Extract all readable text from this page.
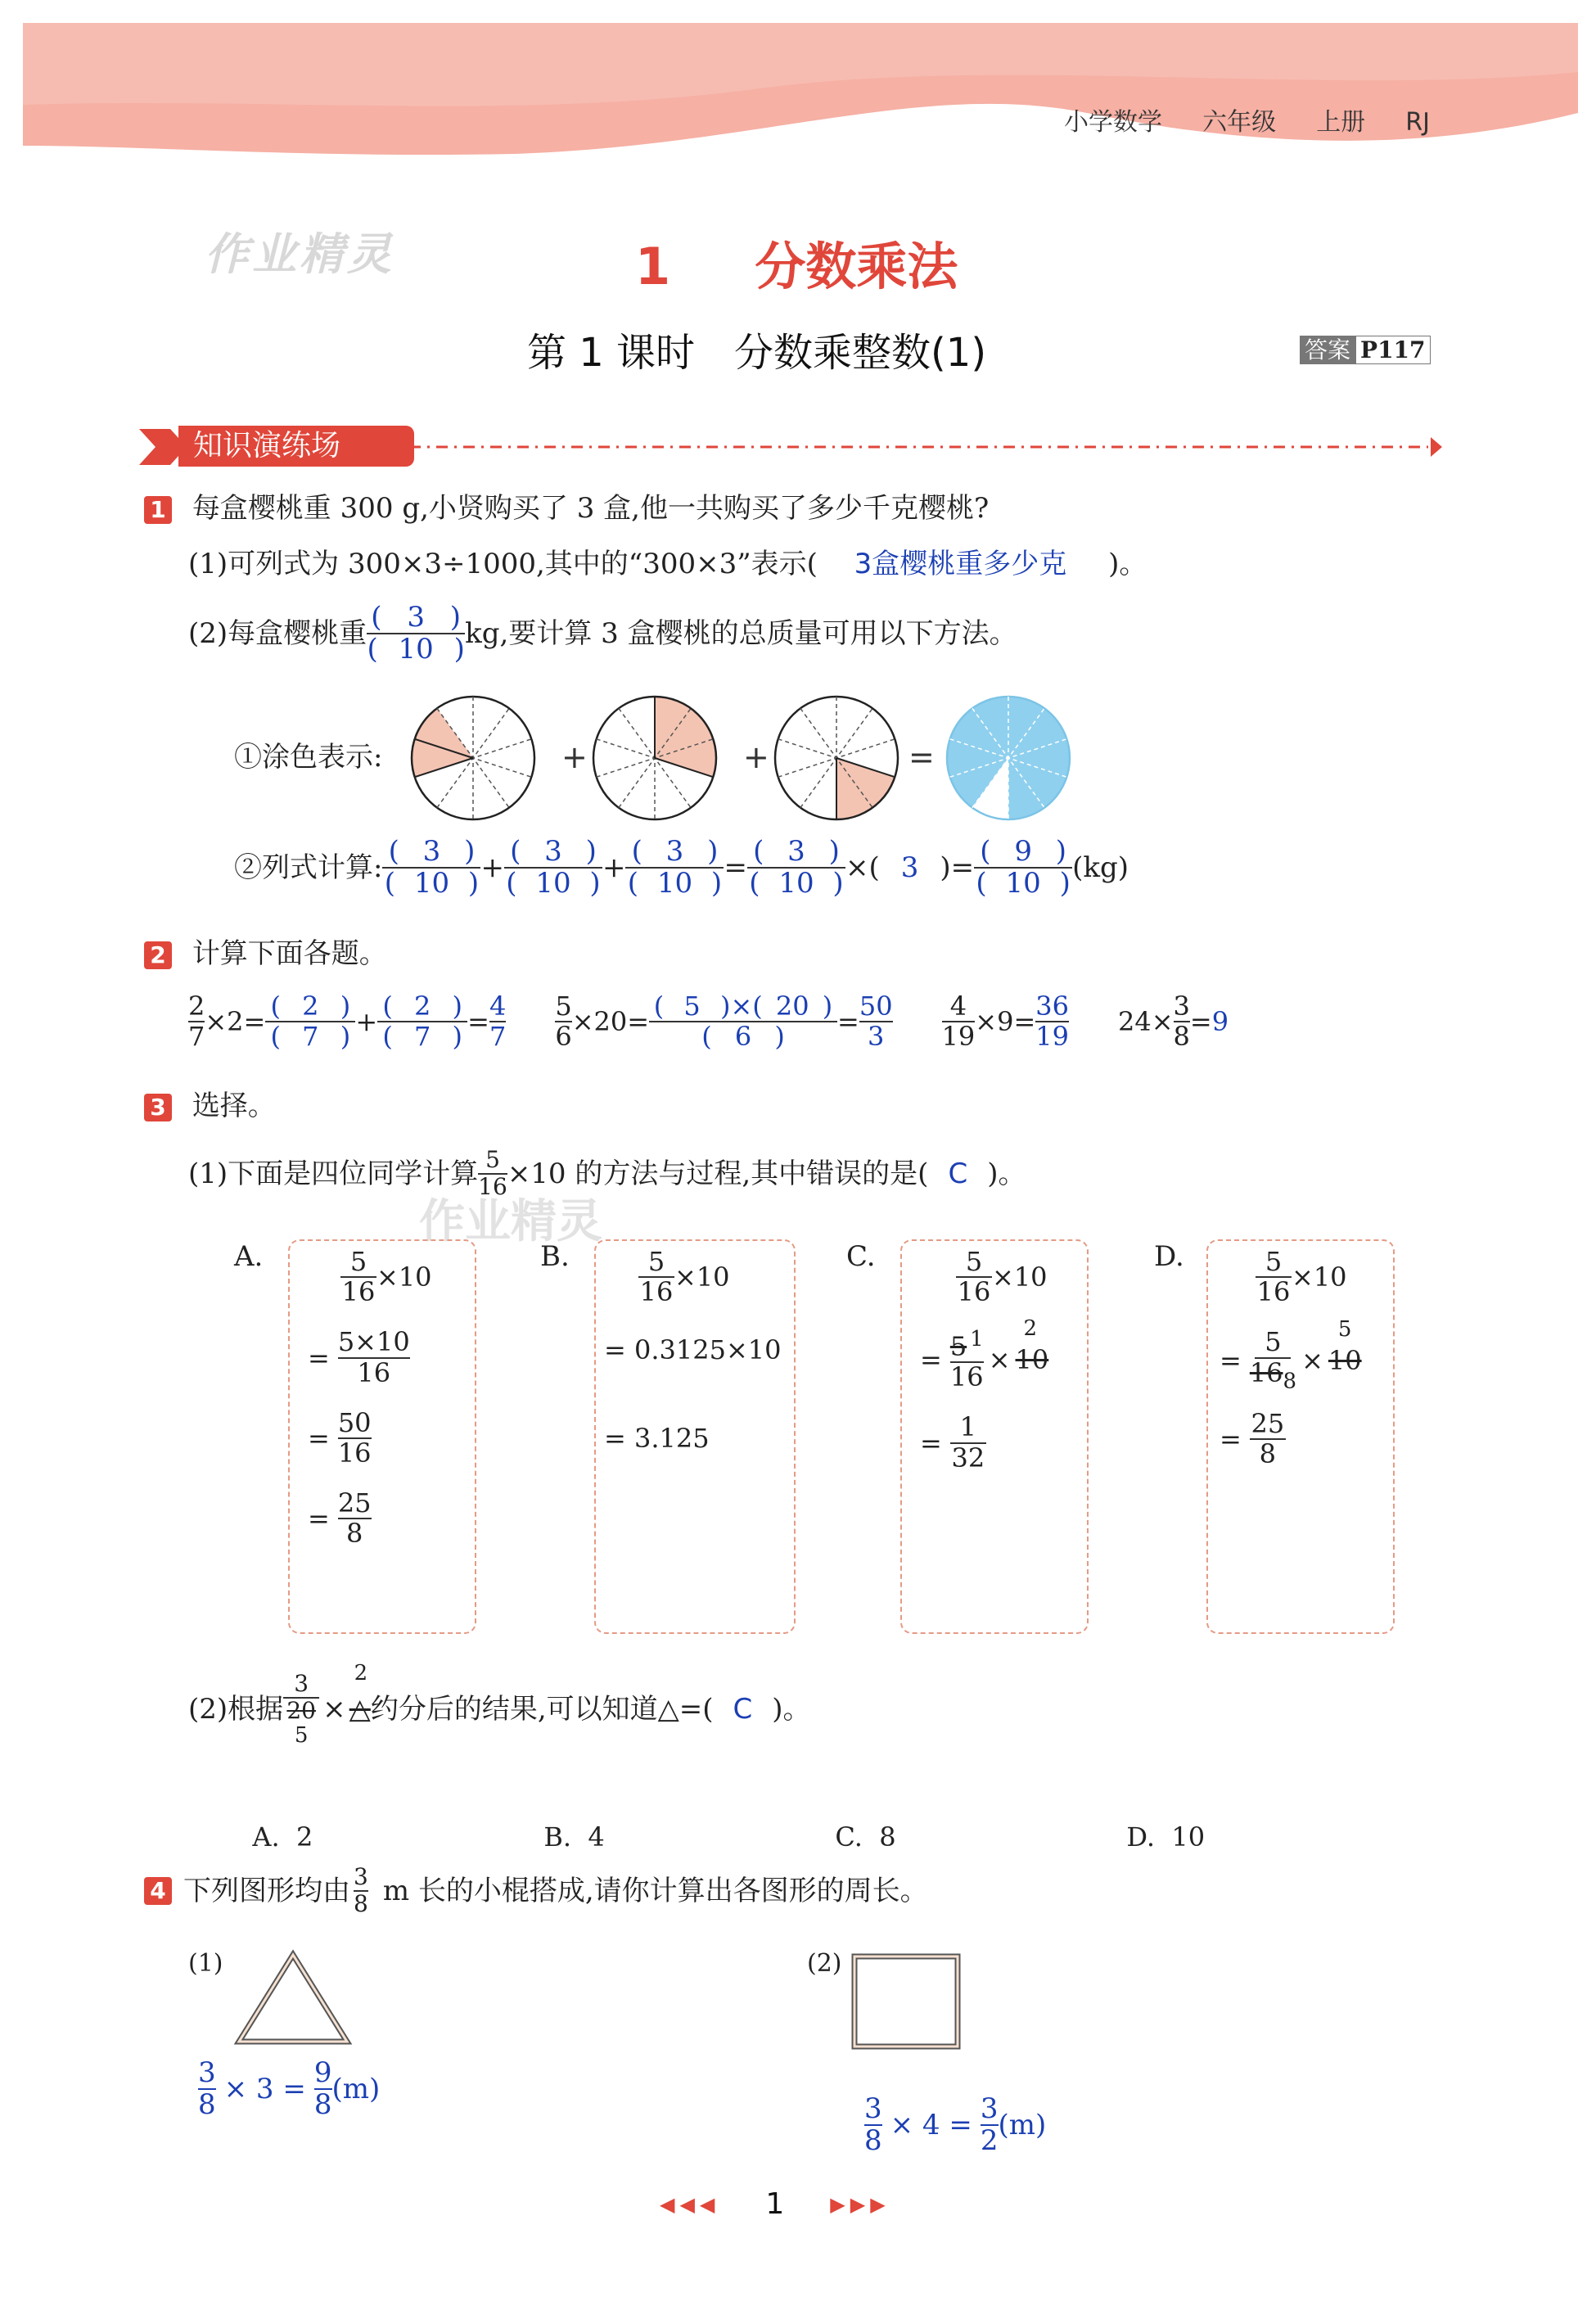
小学数学 六年级 上册 RJ
作业精灵	1 分数乘法
第 1 课时　分数乘整数(1)	答案 P117
知识演练场
1 每盒樱桃重 300 g,小贤购买了 3 盒,他一共购买了多少千克樱桃?
(1)可列式为 300×3÷1000,其中的“300×3”表示( 3盒樱桃重多少克 )。
(2)每盒樱桃重 $\frac{( 3 )}{( 10 )}$ kg,要计算 3 盒樱桃的总质量可用以下方法。
①涂色表示:	+	+	=
②列式计算: $\frac{( 3 )}{( 10 )} + \frac{( 3 )}{( 10 )} + \frac{( 3 )}{( 10 )} = \frac{( 3 )}{( 10 )}$ ×( 3 )= $\frac{( 9 )}{( 10 )} (kg)$
2 计算下面各题。
$\frac{2}{7} \times 2= \frac{( 2 )}{( 7 )} + \frac{( 2 )}{( 7 )} = \frac{4}{7} \frac{5}{6} \times 20= \frac{( 5 )\times( 20 )}{( 6 )} = \frac{50}{3} \frac{4}{19} \times 9= \frac{36}{19} 24\times \frac{3}{8} = 9$
3 选择。
(1)下面是四位同学计算 $\frac{5}{16} \times 10$ 的方法与过程,其中错误的是( C )。
作业精灵
A.	B.	C.	D.
$\frac{5}{16} \times 10$
= $\frac{5\times 10}{16}$
= $\frac{50}{16}$
= $\frac{25}{8}$
$\frac{5}{16} \times 10$
= 0.3125×10
= 3.125
$\frac{5}{16} \times 10$
= $\frac{5 ^1}{16}$ ×
2
10
= $\frac{1}{32}$
$\frac{5}{16} \times 10$
= $\frac{5}{16_8}$ ×
5
10
= $\frac{25}{8}$
(2)根据
3
20
5
×
2
△ 约分后的结果,可以知道△=( C )。

A.  2	B.  4	C.  8	D.  10

4 下列图形均由 $\frac{3}{8}$ m 长的小棍搭成,请你计算出各图形的周长。
(1)
$\frac{3}{8} \times 3 = \frac{9}{8} (m)$
(2)
$\frac{3}{8} \times 4 = \frac{3}{2} (m)$
◀◀◀ 1 ▶▶▶
